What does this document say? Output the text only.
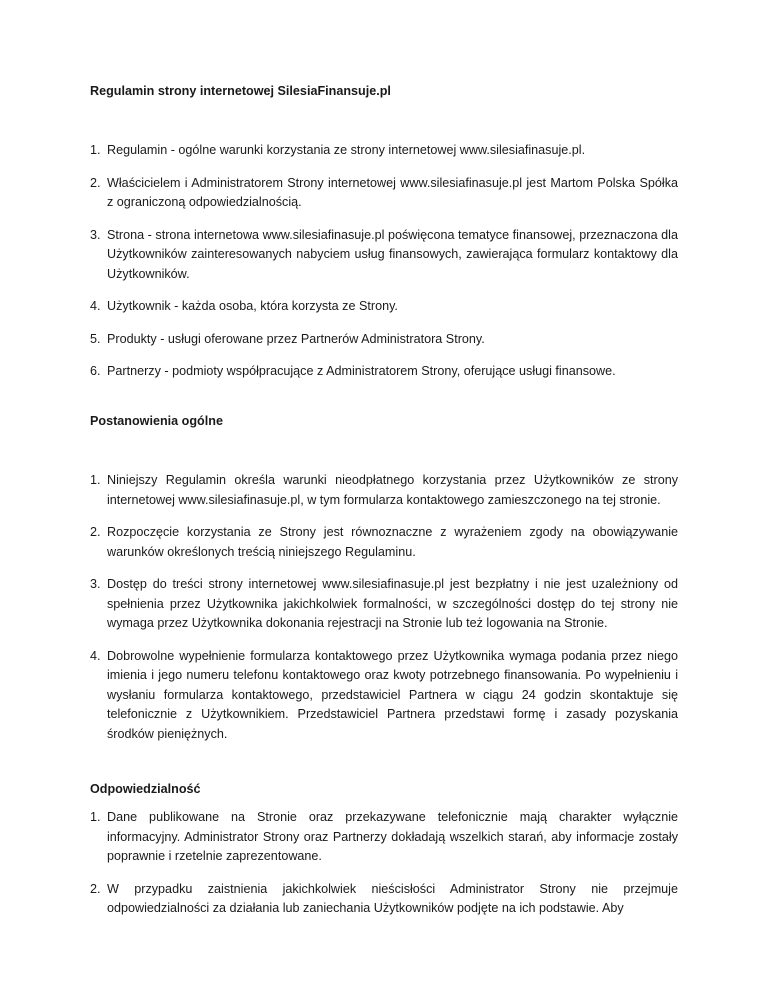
Regulamin strony internetowej SilesiaFinansuje.pl
1. Regulamin - ogólne warunki korzystania ze strony internetowej www.silesiafinasuje.pl.
2. Właścicielem i Administratorem Strony internetowej www.silesiafinasuje.pl jest Martom Polska Spółka z ograniczoną odpowiedzialnością.
3. Strona - strona internetowa www.silesiafinasuje.pl poświęcona tematyce finansowej, przeznaczona dla Użytkowników zainteresowanych nabyciem usług finansowych, zawierająca formularz kontaktowy dla Użytkowników.
4. Użytkownik - każda osoba, która korzysta ze Strony.
5. Produkty - usługi oferowane przez Partnerów Administratora Strony.
6. Partnerzy - podmioty współpracujące z Administratorem Strony, oferujące usługi finansowe.
Postanowienia ogólne
1. Niniejszy Regulamin określa warunki nieodpłatnego korzystania przez Użytkowników ze strony internetowej www.silesiafinasuje.pl, w tym formularza kontaktowego zamieszczonego na tej stronie.
2. Rozpoczęcie korzystania ze Strony jest równoznaczne z wyrażeniem zgody na obowiązywanie warunków określonych treścią niniejszego Regulaminu.
3. Dostęp do treści strony internetowej www.silesiafinasuje.pl jest bezpłatny i nie jest uzależniony od spełnienia przez Użytkownika jakichkolwiek formalności, w szczególności dostęp do tej strony nie wymaga przez Użytkownika dokonania rejestracji na Stronie lub też logowania na Stronie.
4. Dobrowolne wypełnienie formularza kontaktowego przez Użytkownika wymaga podania przez niego imienia i jego numeru telefonu kontaktowego oraz kwoty potrzebnego finansowania. Po wypełnieniu i wysłaniu formularza kontaktowego, przedstawiciel Partnera w ciągu 24 godzin skontaktuje się telefonicznie z Użytkownikiem. Przedstawiciel Partnera przedstawi formę i zasady pozyskania środków pieniężnych.
Odpowiedzialność
1. Dane publikowane na Stronie oraz przekazywane telefonicznie mają charakter wyłącznie informacyjny. Administrator Strony oraz Partnerzy dokładają wszelkich starań, aby informacje zostały poprawnie i rzetelnie zaprezentowane.
2. W przypadku zaistnienia jakichkolwiek nieścisłości Administrator Strony nie przejmuje odpowiedzialności za działania lub zaniechania Użytkowników podjęte na ich podstawie. Aby
